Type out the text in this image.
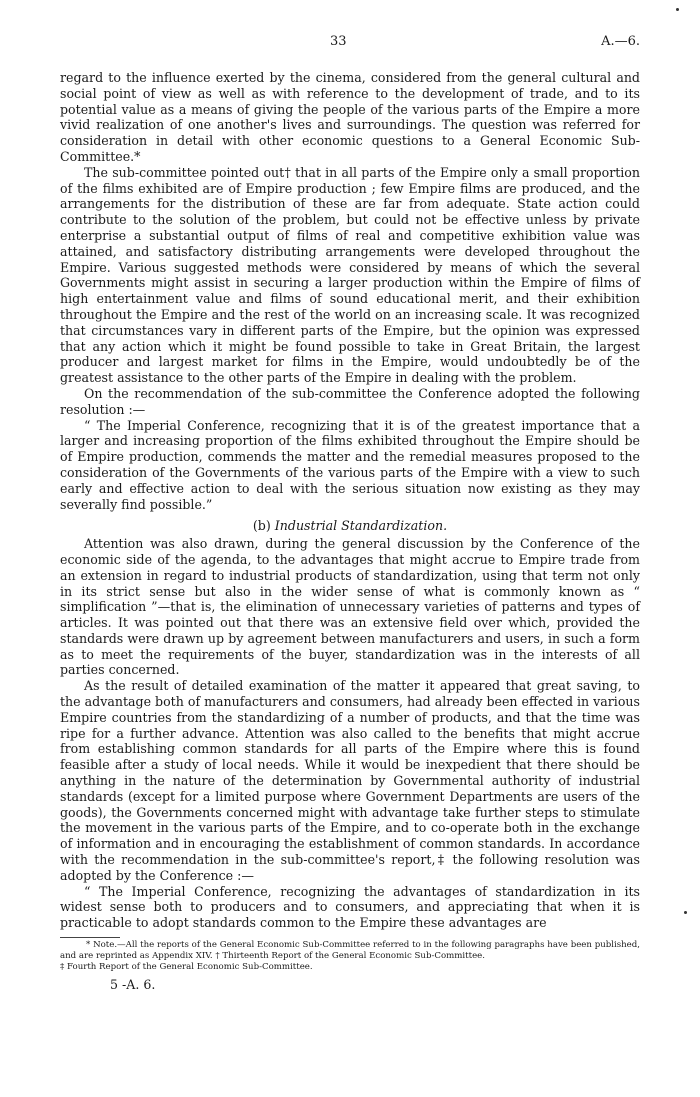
33	A.—6.

regard to the influence exerted by the cinema, considered from the general cultural and social point of view as well as with reference to the development of trade, and to its potential value as a means of giving the people of the various parts of the Empire a more vivid realization of one another's lives and surroundings. The question was referred for consideration in detail with other economic questions to a General Economic Sub-Committee.*

The sub-committee pointed out† that in all parts of the Empire only a small proportion of the films exhibited are of Empire production ; few Empire films are produced, and the arrangements for the distribution of these are far from adequate. State action could contribute to the solution of the problem, but could not be effective unless by private enterprise a substantial output of films of real and competitive exhibition value was attained, and satisfactory distributing arrangements were developed throughout the Empire. Various suggested methods were considered by means of which the several Governments might assist in securing a larger production within the Empire of films of high entertainment value and films of sound educational merit, and their exhibition throughout the Empire and the rest of the world on an increasing scale. It was recognized that circumstances vary in different parts of the Empire, but the opinion was expressed that any action which it might be found possible to take in Great Britain, the largest producer and largest market for films in the Empire, would undoubtedly be of the greatest assistance to the other parts of the Empire in dealing with the problem.

On the recommendation of the sub-committee the Conference adopted the following resolution :—

“ The Imperial Conference, recognizing that it is of the greatest importance that a larger and increasing proportion of the films exhibited throughout the Empire should be of Empire production, commends the matter and the remedial measures proposed to the consideration of the Governments of the various parts of the Empire with a view to such early and effective action to deal with the serious situation now existing as they may severally find possible.”

(b) Industrial Standardization.

Attention was also drawn, during the general discussion by the Conference of the economic side of the agenda, to the advantages that might accrue to Empire trade from an extension in regard to industrial products of standardization, using that term not only in its strict sense but also in the wider sense of what is commonly known as “ simplification ”—that is, the elimination of unnecessary varieties of patterns and types of articles. It was pointed out that there was an extensive field over which, provided the standards were drawn up by agreement between manufacturers and users, in such a form as to meet the requirements of the buyer, standardization was in the interests of all parties concerned.

As the result of detailed examination of the matter it appeared that great saving, to the advantage both of manufacturers and consumers, had already been effected in various Empire countries from the standardizing of a number of products, and that the time was ripe for a further advance. Attention was also called to the benefits that might accrue from establishing common standards for all parts of the Empire where this is found feasible after a study of local needs. While it would be inexpedient that there should be anything in the nature of the determination by Governmental authority of industrial standards (except for a limited purpose where Government Departments are users of the goods), the Governments concerned might with advantage take further steps to stimulate the movement in the various parts of the Empire, and to co-operate both in the exchange of information and in encouraging the establishment of common standards. In accordance with the recommendation in the sub-committee's report,‡ the following resolution was adopted by the Conference :—

“ The Imperial Conference, recognizing the advantages of standardization in its widest sense both to producers and to consumers, and appreciating that when it is practicable to adopt standards common to the Empire these advantages are

* Note.—All the reports of the General Economic Sub-Committee referred to in the following paragraphs have been published, and are reprinted as Appendix XIV. † Thirteenth Report of the General Economic Sub-Committee.

‡ Fourth Report of the General Economic Sub-Committee.

5 -A. 6.
